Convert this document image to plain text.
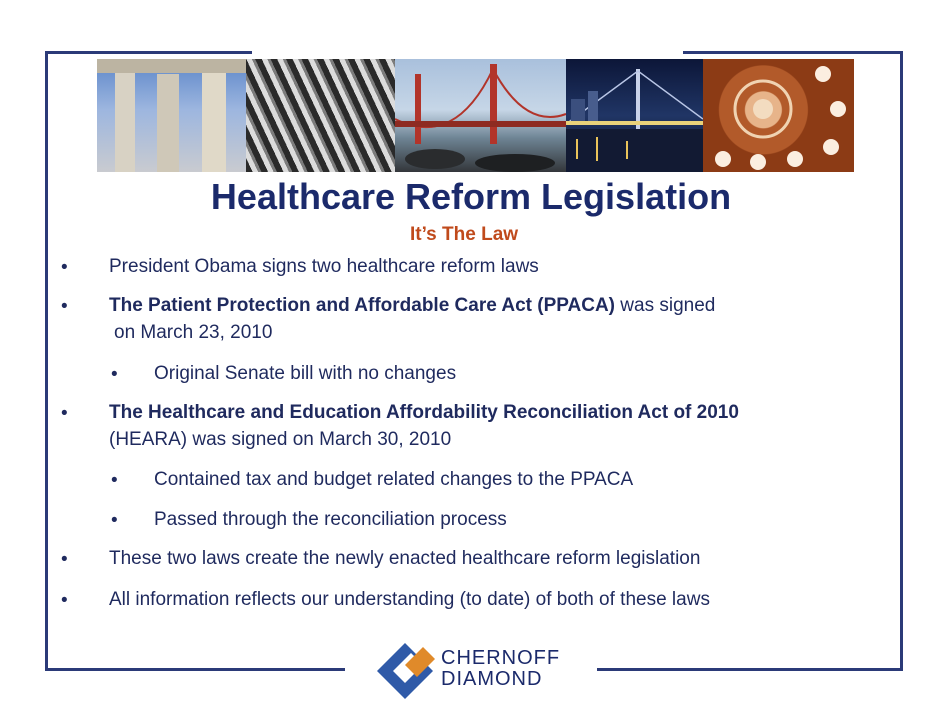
Healthcare Reform Legislation
It’s The Law
• President Obama signs two healthcare reform laws
• The Patient Protection and Affordable Care Act (PPACA) was signed
on March 23, 2010
• Original Senate bill with no changes
• The Healthcare and Education Affordability Reconciliation Act of 2010
(HEARA) was signed on March 30, 2010
• Contained tax and budget related changes to the PPACA
• Passed through the reconciliation process
• These two laws create the newly enacted healthcare reform legislation
• All information reflects our understanding (to date) of both of these laws
CHERNOFF
DIAMOND
